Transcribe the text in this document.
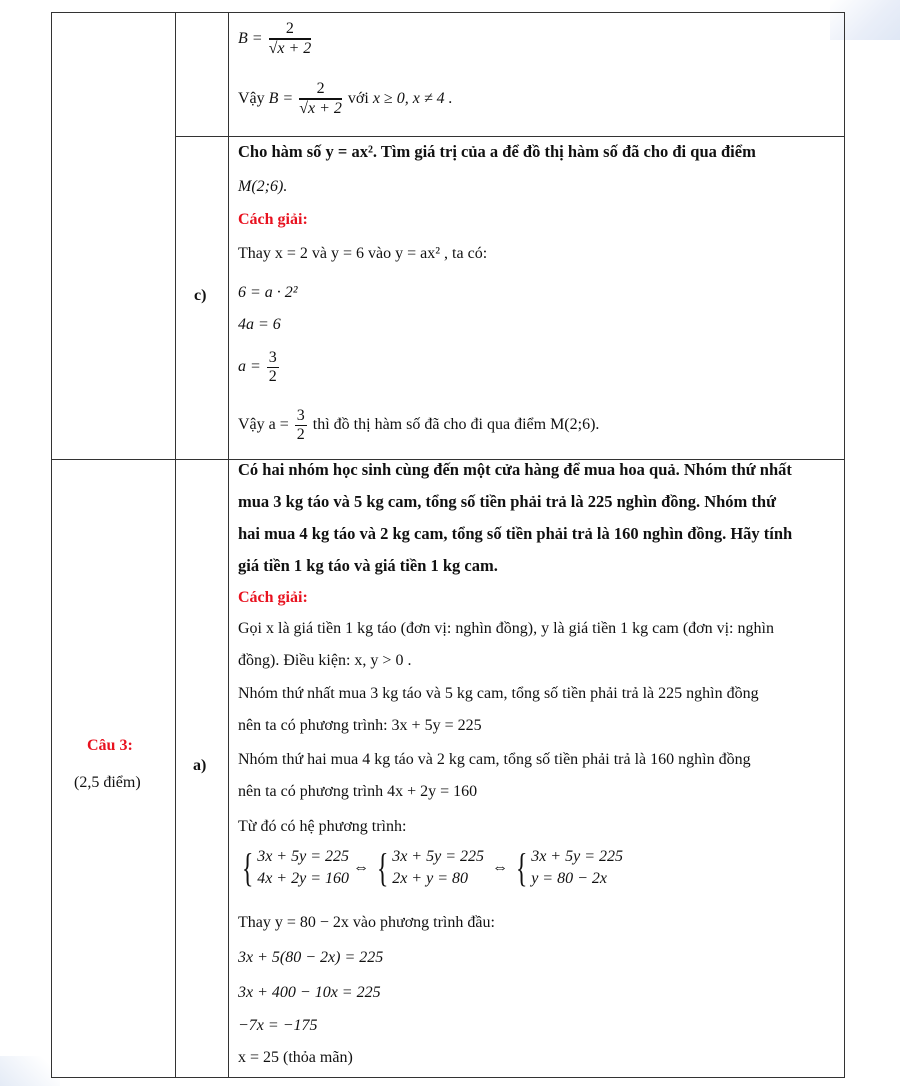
$B = \frac{2}{√x + 2}$
Vậy $B = \frac{2}{√x + 2}$ với x ≥ 0, x ≠ 4 .
c)
Cho hàm số y = ax². Tìm giá trị của a để đồ thị hàm số đã cho đi qua điểm
M(2;6).
Cách giải:
Thay x = 2 và y = 6 vào y = ax² , ta có:
6 = a · 2²
4a = 6
$a = \frac{3}{2}$
Vậy $a = \frac{3}{2}$ thì đồ thị hàm số đã cho đi qua điểm M(2;6).
Câu 3:
(2,5 điểm)
a)
Có hai nhóm học sinh cùng đến một cửa hàng để mua hoa quả. Nhóm thứ nhất
mua 3 kg táo và 5 kg cam, tổng số tiền phải trả là 225 nghìn đồng. Nhóm thứ
hai mua 4 kg táo và 2 kg cam, tổng số tiền phải trả là 160 nghìn đồng. Hãy tính
giá tiền 1 kg táo và giá tiền 1 kg cam.
Cách giải:
Gọi x là giá tiền 1 kg táo (đơn vị: nghìn đồng), y là giá tiền 1 kg cam (đơn vị: nghìn
đồng). Điều kiện: x, y > 0 .
Nhóm thứ nhất mua 3 kg táo và 5 kg cam, tổng số tiền phải trả là 225 nghìn đồng
nên ta có phương trình: 3x + 5y = 225
Nhóm thứ hai mua 4 kg táo và 2 kg cam, tổng số tiền phải trả là 160 nghìn đồng
nên ta có phương trình 4x + 2y = 160
Từ đó có hệ phương trình:
{ 3x + 5y = 225
4x + 2y = 160
⇔ { 3x + 5y = 225
2x + y = 80
⇔ { 3x + 5y = 225
y = 80 − 2x
Thay y = 80 − 2x vào phương trình đầu:
3x + 5(80 − 2x) = 225
3x + 400 − 10x = 225
−7x = −175
x = 25 (thỏa mãn)
